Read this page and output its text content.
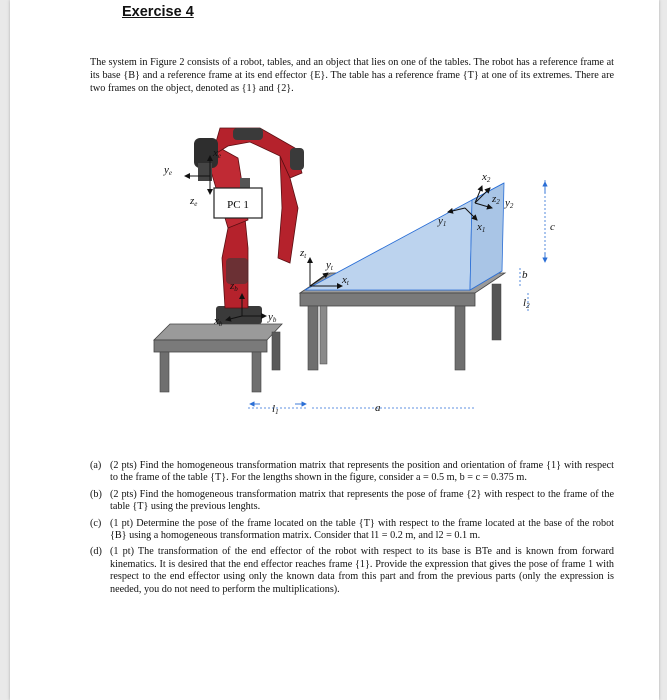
Exercise 4
The system in Figure 2 consists of a robot, tables, and an object that lies on one of the tables. The robot has a reference frame at its base {B} and a reference frame at its end effector {E}. The table has a reference frame {T} at one of its extremes. There are two frames on the object, denoted as {1} and {2}.
PC 1
xe
ye
ze
zb
xb
yb
zt
yt
xt
x2
z2 y2
y1	x1
l1
l2
a
b
c
(a) (2 pts) Find the homogeneous transformation matrix that represents the position and orientation of frame {1} with respect to the frame of the table {T}. For the lengths shown in the figure, consider a = 0.5 m, b = c = 0.375 m.
(b) (2 pts) Find the homogeneous transformation matrix that represents the pose of frame {2} with respect to the frame of the table {T} using the previous lenghts.
(c) (1 pt) Determine the pose of the frame located on the table {T} with respect to the frame located at the base of the robot {B} using a homogeneous transformation matrix. Consider that l1 = 0.2 m, and l2 = 0.1 m.
(d) (1 pt) The transformation of the end effector of the robot with respect to its base is BTe and is known from forward kinematics. It is desired that the end effector reaches frame {1}. Provide the expression that gives the pose of frame 1 with respect to the end effector using only the known data from this part and from the previous parts (only the expression is needed, you do not need to perform the multiplications).
